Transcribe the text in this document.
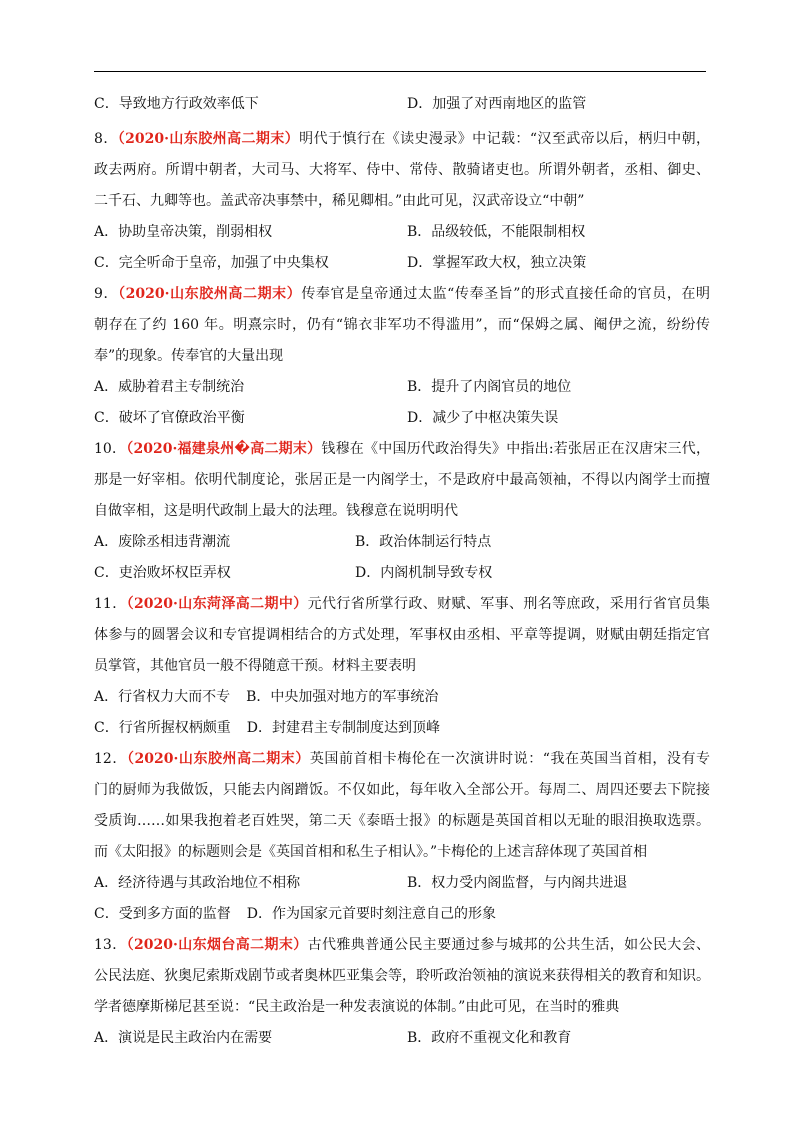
C．导致地方行政效率低下	D．加强了对西南地区的监管
8．（2020·山东胶州高二期末）明代于慎行在《读史漫录》中记载：“汉至武帝以后，柄归中朝，
政去两府。所谓中朝者，大司马、大将军、侍中、常侍、散骑诸吏也。所谓外朝者，丞相、御史、
二千石、九卿等也。盖武帝决事禁中，稀见卿相。”由此可见，汉武帝设立“中朝”
A．协助皇帝决策，削弱相权	B．品级较低，不能限制相权
C．完全听命于皇帝，加强了中央集权	D．掌握军政大权，独立决策
9．（2020·山东胶州高二期末）传奉官是皇帝通过太监“传奉圣旨”的形式直接任命的官员，在明
朝存在了约 160 年。明熹宗时，仍有“锦衣非军功不得滥用”，而“保姆之属、阉伊之流，纷纷传
奉”的现象。传奉官的大量出现
A．威胁着君主专制统治	B．提升了内阁官员的地位
C．破坏了官僚政治平衡	D．减少了中枢决策失误
10．（2020·福建泉州�高二期末）钱穆在《中国历代政治得失》中指出:若张居正在汉唐宋三代，
那是一好宰相。依明代制度论，张居正是一内阁学士，不是政府中最高领袖，不得以内阁学士而擅
自做宰相，这是明代政制上最大的法理。钱穆意在说明明代
A．废除丞相违背潮流	B．政治体制运行特点
C．吏治败坏权臣弄权	D．内阁机制导致专权
11．（2020·山东菏泽高二期中）元代行省所掌行政、财赋、军事、刑名等庶政，采用行省官员集
体参与的圆署会议和专官提调相结合的方式处理，军事权由丞相、平章等提调，财赋由朝廷指定官
员掌管，其他官员一般不得随意干预。材料主要表明
A．行省权力大而不专 B．中央加强对地方的军事统治
C．行省所握权柄颇重 D．封建君主专制制度达到顶峰
12．（2020·山东胶州高二期末）英国前首相卡梅伦在一次演讲时说：“我在英国当首相，没有专
门的厨师为我做饭，只能去内阁蹭饭。不仅如此，每年收入全部公开。每周二、周四还要去下院接
受质询……如果我抱着老百姓哭，第二天《泰晤士报》的标题是英国首相以无耻的眼泪换取选票。
而《太阳报》的标题则会是《英国首相和私生子相认》。”卡梅伦的上述言辞体现了英国首相
A．经济待遇与其政治地位不相称	B．权力受内阁监督，与内阁共进退
C．受到多方面的监督 D．作为国家元首要时刻注意自己的形象
13．（2020·山东烟台高二期末）古代雅典普通公民主要通过参与城邦的公共生活，如公民大会、
公民法庭、狄奥尼索斯戏剧节或者奥林匹亚集会等，聆听政治领袖的演说来获得相关的教育和知识。
学者德摩斯梯尼甚至说：“民主政治是一种发表演说的体制。”由此可见，在当时的雅典
A．演说是民主政治内在需要	B．政府不重视文化和教育
